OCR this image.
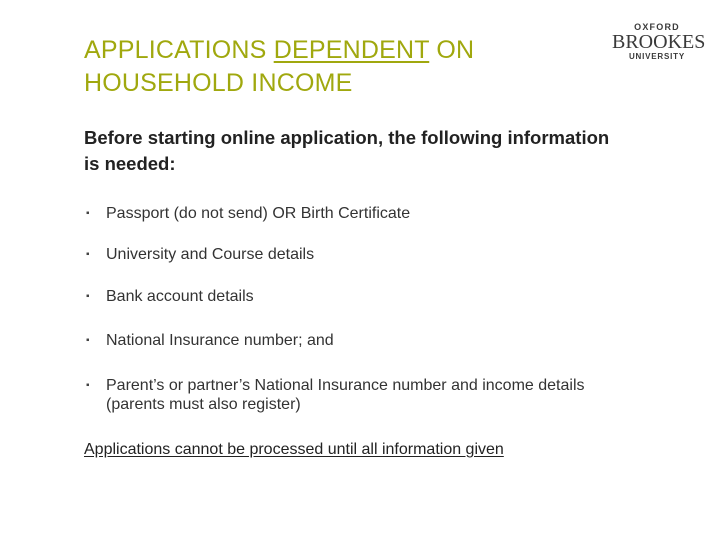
APPLICATIONS DEPENDENT ON
HOUSEHOLD INCOME
OXFORD
BROOKES
UNIVERSITY
Before starting online application, the following information is needed:
▪ Passport (do not send) OR Birth Certificate
▪ University and Course details
▪ Bank account details
▪ National Insurance number; and
▪ Parent’s or partner’s National Insurance number and income details (parents must also register)
Applications cannot be processed until all information given
